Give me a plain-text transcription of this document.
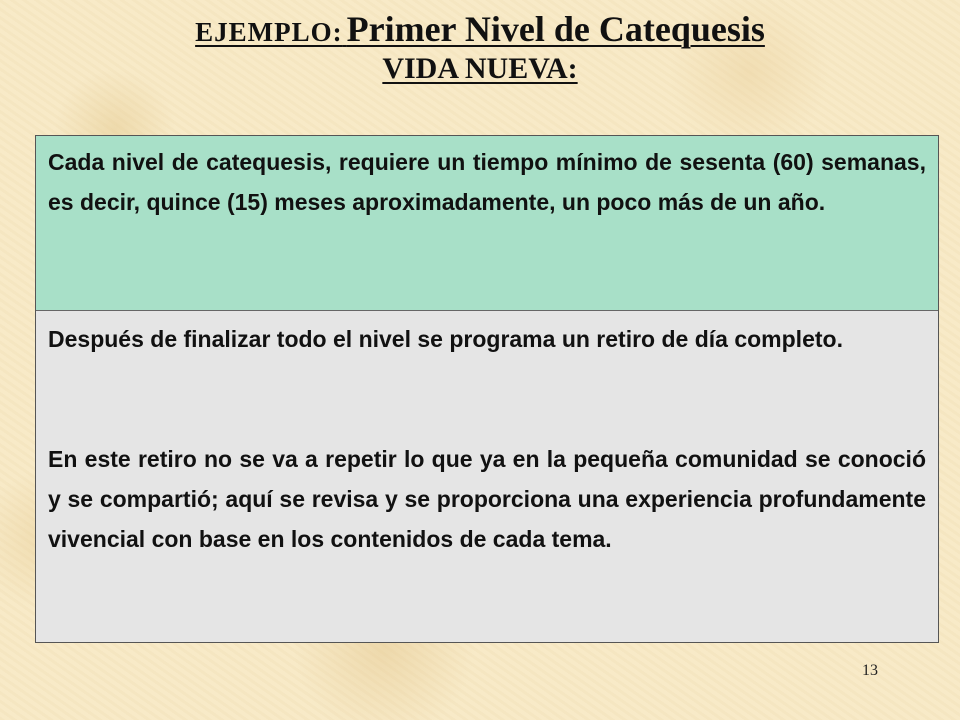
EJEMPLO: Primer Nivel de Catequesis
VIDA NUEVA:

Cada nivel de catequesis, requiere un tiempo mínimo de sesenta (60) semanas, es decir, quince (15) meses aproximadamente, un poco más de un año.

Después de finalizar todo el nivel se programa un retiro de día completo.

En este retiro no se va a repetir lo que ya en la pequeña comunidad se conoció y se compartió; aquí se revisa y se proporciona una experiencia profundamente vivencial con base en los contenidos de cada tema.

13
